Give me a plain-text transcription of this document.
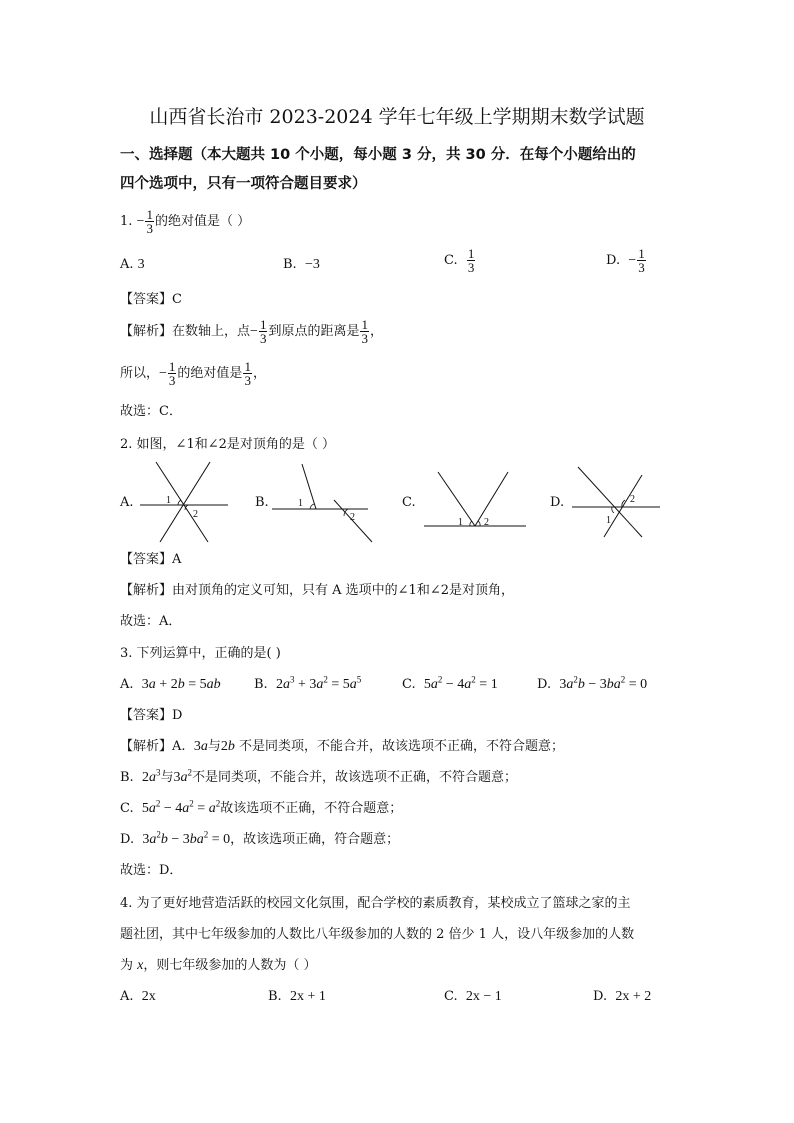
山西省长治市 2023-2024 学年七年级上学期期末数学试题
一、选择题（本大题共 10 个小题，每小题 3 分，共 30 分．在每个小题给出的
四个选项中，只有一项符合题目要求）
1. − $\frac{1}{3}$ 的绝对值是（ ）
A. 3	B. −3	C. $\frac{1}{3}$	D. − $\frac{1}{3}$
【答案】C
【解析】在数轴上，点− $\frac{1}{3}$ 到原点的距离是 $\frac{1}{3}$ ，
所以，− $\frac{1}{3}$ 的绝对值是 $\frac{1}{3}$ ，
故选：C．
2. 如图，∠1和∠2是对顶角的是（ ）
A.	1
2
B.	1
2
C.
1 2
D.
1
2
【答案】A
【解析】由对顶角的定义可知，只有 A 选项中的∠1和∠2是对顶角，
故选：A．
3. 下列运算中，正确的是( )
A. 3a + 2b = 5ab	B. $2a^3 + 3a^2 = 5a^5$	C. $5a^2 - 4a^2 = 1$	D. $3a^2b - 3ba^2 = 0$
【答案】D
【解析】A. 3a与2b 不是同类项，不能合并，故该选项不正确，不符合题意；
B. $2a^3$与$3a^2$不是同类项，不能合并，故该选项不正确，不符合题意；
C. $5a^2 - 4a^2 = a^2$故该选项不正确，不符合题意；
D. $3a^2b - 3ba^2 = 0$，故该选项正确，符合题意；
故选：D．
4. 为了更好地营造活跃的校园文化氛围，配合学校的素质教育，某校成立了篮球之家的主
题社团，其中七年级参加的人数比八年级参加的人数的 2 倍少 1 人，设八年级参加的人数
为 x，则七年级参加的人数为（ ）
A. 2x	B. 2x + 1	C. 2x − 1	D. 2x + 2
